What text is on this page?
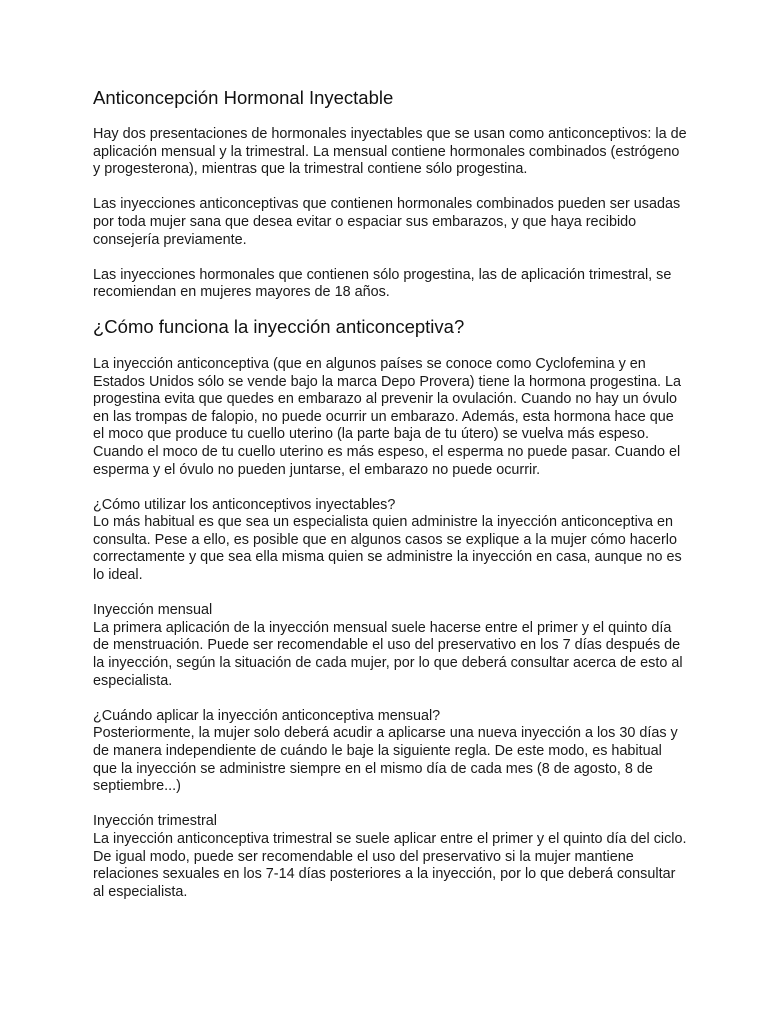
Anticoncepción Hormonal Inyectable

Hay dos presentaciones de hormonales inyectables que se usan como anticonceptivos: la de aplicación mensual y la trimestral. La mensual contiene hormonales combinados (estrógeno y progesterona), mientras que la trimestral contiene sólo progestina.

Las inyecciones anticonceptivas que contienen hormonales combinados pueden ser usadas por toda mujer sana que desea evitar o espaciar sus embarazos, y que haya recibido consejería previamente.

Las inyecciones hormonales que contienen sólo progestina, las de aplicación trimestral, se recomiendan en mujeres mayores de 18 años.

¿Cómo funciona la inyección anticonceptiva?

La inyección anticonceptiva (que en algunos países se conoce como Cyclofemina y en Estados Unidos sólo se vende bajo la marca Depo Provera) tiene la hormona progestina. La progestina evita que quedes en embarazo al prevenir la ovulación. Cuando no hay un óvulo en las trompas de falopio, no puede ocurrir un embarazo. Además, esta hormona hace que el moco que produce tu cuello uterino (la parte baja de tu útero) se vuelva más espeso. Cuando el moco de tu cuello uterino es más espeso, el esperma no puede pasar. Cuando el esperma y el óvulo no pueden juntarse, el embarazo no puede ocurrir.

¿Cómo utilizar los anticonceptivos inyectables?
Lo más habitual es que sea un especialista quien administre la inyección anticonceptiva en consulta. Pese a ello, es posible que en algunos casos se explique a la mujer cómo hacerlo correctamente y que sea ella misma quien se administre la inyección en casa, aunque no es lo ideal.
Inyección mensual
La primera aplicación de la inyección mensual suele hacerse entre el primer y el quinto día de menstruación. Puede ser recomendable el uso del preservativo en los 7 días después de la inyección, según la situación de cada mujer, por lo que deberá consultar acerca de esto al especialista.
¿Cuándo aplicar la inyección anticonceptiva mensual?
Posteriormente, la mujer solo deberá acudir a aplicarse una nueva inyección a los 30 días y de manera independiente de cuándo le baje la siguiente regla. De este modo, es habitual que la inyección se administre siempre en el mismo día de cada mes (8 de agosto, 8 de septiembre...)
Inyección trimestral
La inyección anticonceptiva trimestral se suele aplicar entre el primer y el quinto día del ciclo. De igual modo, puede ser recomendable el uso del preservativo si la mujer mantiene relaciones sexuales en los 7-14 días posteriores a la inyección, por lo que deberá consultar al especialista.
